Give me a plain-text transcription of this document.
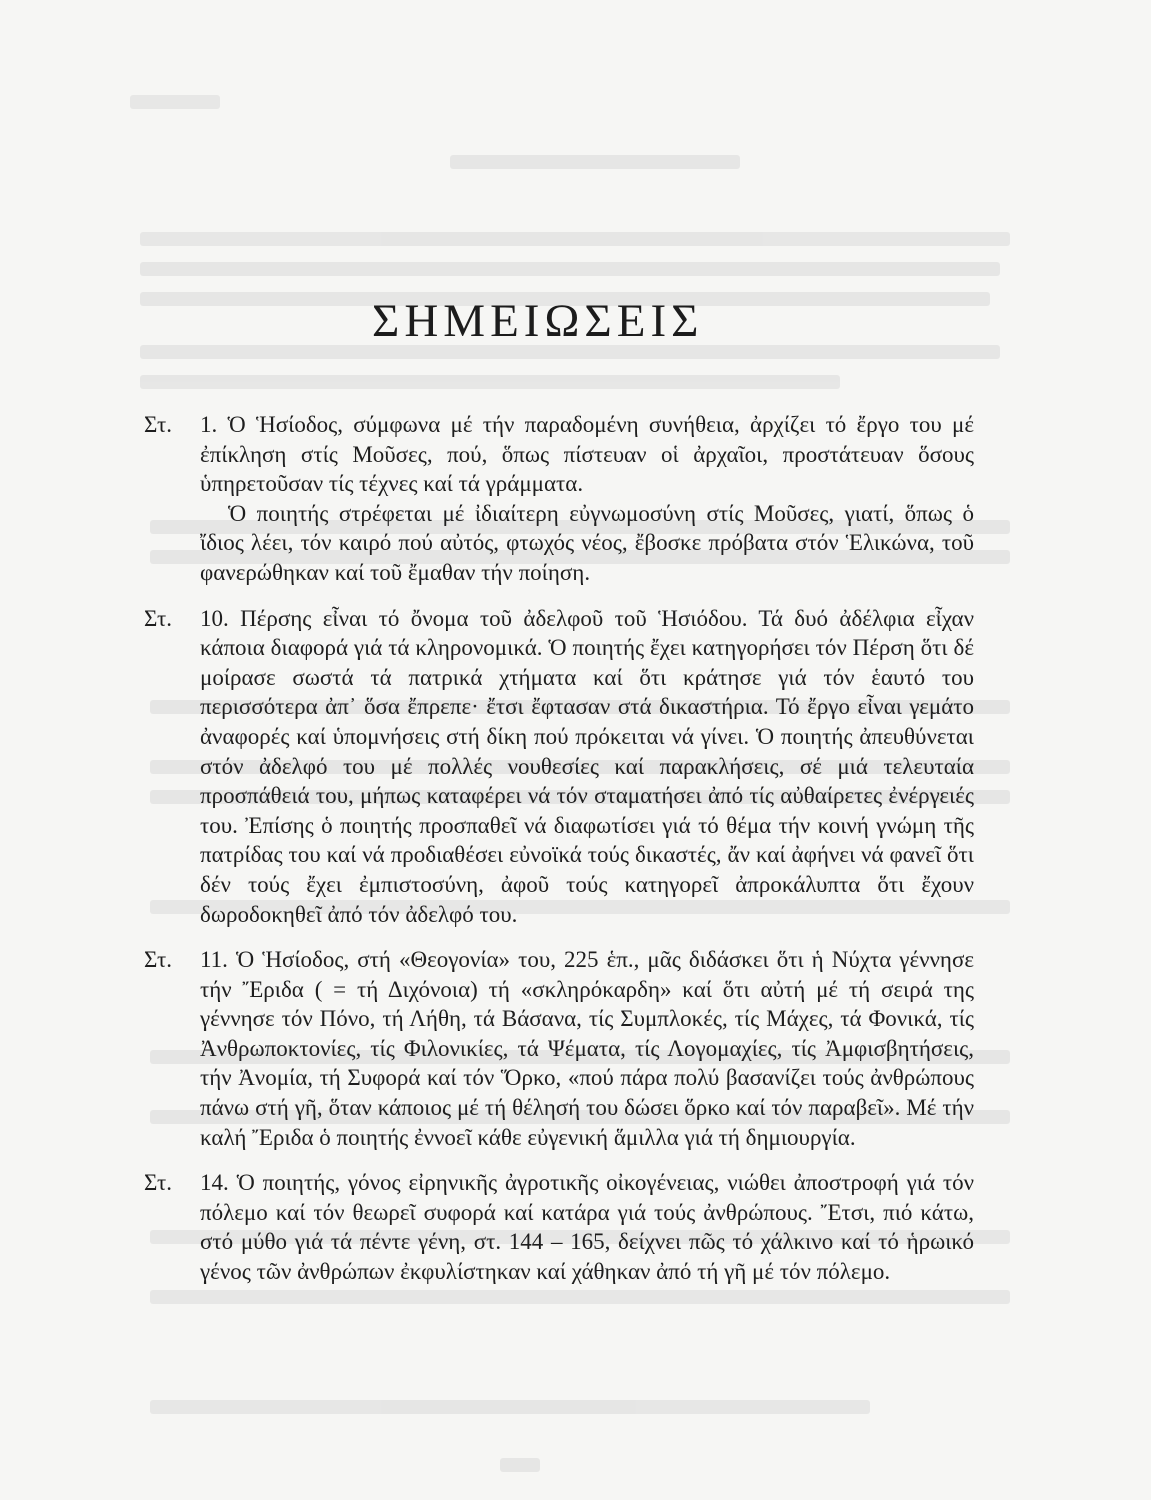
ΣΗΜΕΙΩΣΕΙΣ
Στ.	1. Ὁ Ἡσίοδος, σύμφωνα μέ τήν παραδομένη συνήθεια, ἀρχίζει τό ἔργο του μέ ἐπίκληση στίς Μοῦσες, πού, ὅπως πίστευαν οἱ ἀρχαῖοι, προστάτευαν ὅσους ὑπηρετοῦσαν τίς τέχνες καί τά γράμματα.

Ὁ ποιητής στρέφεται μέ ἰδιαίτερη εὐγνωμοσύνη στίς Μοῦσες, γιατί, ὅπως ὁ ἴδιος λέει, τόν καιρό πού αὐτός, φτωχός νέος, ἔβοσκε πρόβατα στόν Ἑλικώνα, τοῦ φανερώθηκαν καί τοῦ ἔμαθαν τήν ποίηση.

Στ.	10. Πέρσης εἶναι τό ὄνομα τοῦ ἀδελφοῦ τοῦ Ἡσιόδου. Τά δυό ἀδέλφια εἶχαν κάποια διαφορά γιά τά κληρονομικά. Ὁ ποιητής ἔχει κατηγορήσει τόν Πέρση ὅτι δέ μοίρασε σωστά τά πατρικά χτήματα καί ὅτι κράτησε γιά τόν ἑαυτό του περισσότερα ἀπ᾽ ὅσα ἔπρεπε· ἔτσι ἔφτασαν στά δικαστήρια. Τό ἔργο εἶναι γεμάτο ἀναφορές καί ὑπομνήσεις στή δίκη πού πρόκειται νά γίνει. Ὁ ποιητής ἀπευθύνεται στόν ἀδελφό του μέ πολλές νουθεσίες καί παρακλήσεις, σέ μιά τελευταία προσπάθειά του, μήπως καταφέρει νά τόν σταματήσει ἀπό τίς αὐθαίρετες ἐνέργειές του. Ἐπίσης ὁ ποιητής προσπαθεῖ νά διαφωτίσει γιά τό θέμα τήν κοινή γνώμη τῆς πατρίδας του καί νά προδιαθέσει εὐνοϊκά τούς δικαστές, ἄν καί ἀφήνει νά φανεῖ ὅτι δέν τούς ἔχει ἐμπιστοσύνη, ἀφοῦ τούς κατηγορεῖ ἀπροκάλυπτα ὅτι ἔχουν δωροδοκηθεῖ ἀπό τόν ἀδελφό του.

Στ.	11. Ὁ Ἡσίοδος, στή «Θεογονία» του, 225 ἑπ., μᾶς διδάσκει ὅτι ἡ Νύχτα γέννησε τήν Ἔριδα ( = τή Διχόνοια) τή «σκληρόκαρδη» καί ὅτι αὐτή μέ τή σειρά της γέννησε τόν Πόνο, τή Λήθη, τά Βάσανα, τίς Συμπλοκές, τίς Μάχες, τά Φονικά, τίς Ἀνθρωποκτονίες, τίς Φιλονικίες, τά Ψέματα, τίς Λογομαχίες, τίς Ἀμφισβητήσεις, τήν Ἀνομία, τή Συφορά καί τόν Ὅρκο, «πού πάρα πολύ βασανίζει τούς ἀνθρώπους πάνω στή γῆ, ὅταν κάποιος μέ τή θέλησή του δώσει ὅρκο καί τόν παραβεῖ». Μέ τήν καλή Ἔριδα ὁ ποιητής ἐννοεῖ κάθε εὐγενική ἅμιλλα γιά τή δημιουργία.

Στ.	14. Ὁ ποιητής, γόνος εἰρηνικῆς ἀγροτικῆς οἰκογένειας, νιώθει ἀποστροφή γιά τόν πόλεμο καί τόν θεωρεῖ συφορά καί κατάρα γιά τούς ἀνθρώπους. Ἔτσι, πιό κάτω, στό μύθο γιά τά πέντε γένη, στ. 144 – 165, δείχνει πῶς τό χάλκινο καί τό ἡρωικό γένος τῶν ἀνθρώπων ἐκφυλίστηκαν καί χάθηκαν ἀπό τή γῆ μέ τόν πόλεμο.
